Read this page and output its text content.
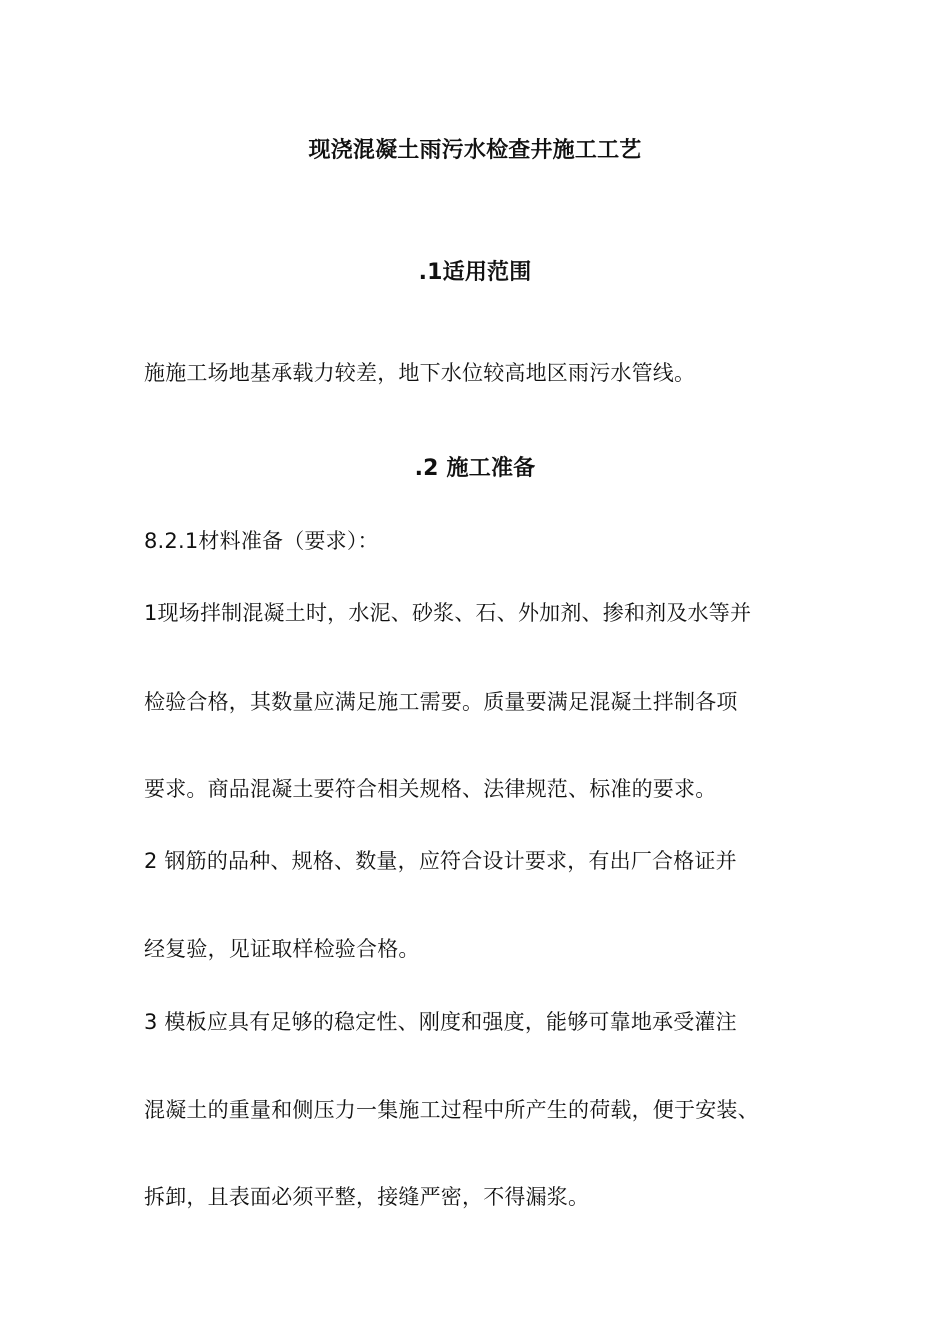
现浇混凝土雨污水检查井施工工艺
.1适用范围
施施工场地基承载力较差，地下水位较高地区雨污水管线。
.2 施工准备
8.2.1材料准备（要求）：
1现场拌制混凝土时，水泥、砂浆、石、外加剂、掺和剂及水等并
检验合格，其数量应满足施工需要。质量要满足混凝土拌制各项
要求。商品混凝土要符合相关规格、法律规范、标准的要求。
2 钢筋的品种、规格、数量，应符合设计要求，有出厂合格证并
经复验，见证取样检验合格。
3 模板应具有足够的稳定性、刚度和强度，能够可靠地承受灌注
混凝土的重量和侧压力一集施工过程中所产生的荷载，便于安装、
拆卸，且表面必须平整，接缝严密，不得漏浆。
